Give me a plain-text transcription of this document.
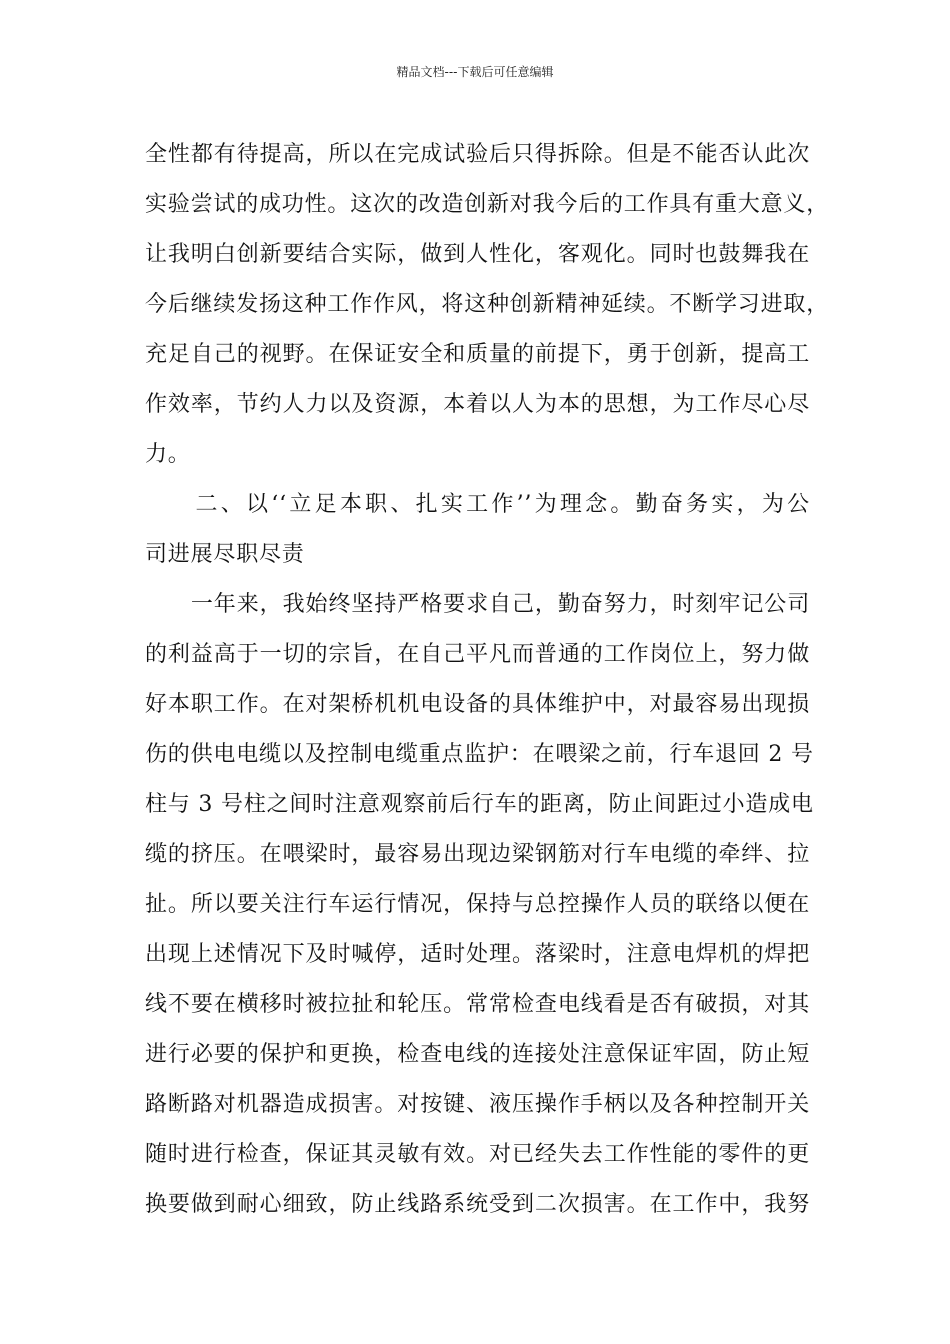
精品文档---下载后可任意编辑
全性都有待提高，所以在完成试验后只得拆除。但是不能否认此次
实验尝试的成功性。这次的改造创新对我今后的工作具有重大意义，
让我明白创新要结合实际，做到人性化，客观化。同时也鼓舞我在
今后继续发扬这种工作作风，将这种创新精神延续。不断学习进取，
充足自己的视野。在保证安全和质量的前提下，勇于创新，提高工
作效率，节约人力以及资源，本着以人为本的思想，为工作尽心尽
力。
　　二、以‘‘立足本职、扎实工作’’为理念。勤奋务实，为公
司进展尽职尽责
　　一年来，我始终坚持严格要求自己，勤奋努力，时刻牢记公司
的利益高于一切的宗旨，在自己平凡而普通的工作岗位上，努力做
好本职工作。在对架桥机机电设备的具体维护中，对最容易出现损
伤的供电电缆以及控制电缆重点监护：在喂梁之前，行车退回 2 号
柱与 3 号柱之间时注意观察前后行车的距离，防止间距过小造成电
缆的挤压。在喂梁时，最容易出现边梁钢筋对行车电缆的牵绊、拉
扯。所以要关注行车运行情况，保持与总控操作人员的联络以便在
出现上述情况下及时喊停，适时处理。落梁时，注意电焊机的焊把
线不要在横移时被拉扯和轮压。常常检查电线看是否有破损，对其
进行必要的保护和更换，检查电线的连接处注意保证牢固，防止短
路断路对机器造成损害。对按键、液压操作手柄以及各种控制开关
随时进行检查，保证其灵敏有效。对已经失去工作性能的零件的更
换要做到耐心细致，防止线路系统受到二次损害。在工作中，我努
